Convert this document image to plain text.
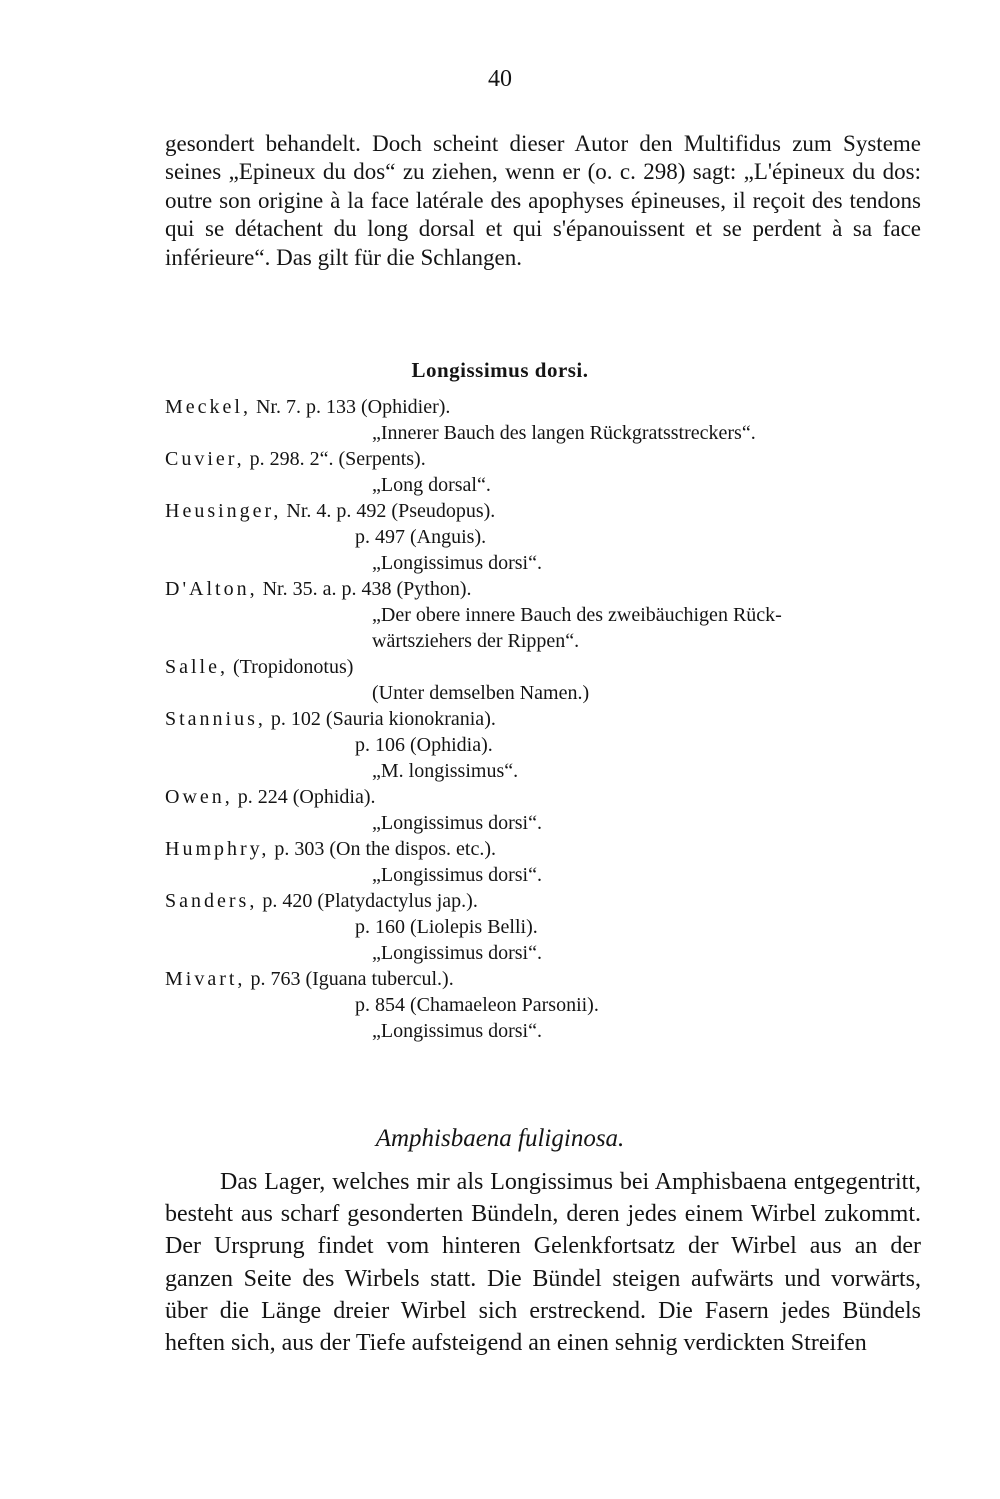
40
gesondert behandelt. Doch scheint dieser Autor den Multifidus zum Systeme seines „Epineux du dos“ zu ziehen, wenn er (o. c. 298) sagt: „L'épineux du dos: outre son origine à la face latérale des apophyses épineuses, il reçoit des tendons qui se détachent du long dorsal et qui s'épanouissent et se perdent à sa face inférieure“. Das gilt für die Schlangen.
Longissimus dorsi.
Meckel, Nr. 7. p. 133 (Ophidier).
„Innerer Bauch des langen Rückgratsstreckers“.
Cuvier, p. 298. 2“. (Serpents).
„Long dorsal“.
Heusinger, Nr. 4. p. 492 (Pseudopus).
p. 497 (Anguis).
„Longissimus dorsi“.
D'Alton, Nr. 35. a. p. 438 (Python).
„Der obere innere Bauch des zweibäuchigen Rück-
wärtsziehers der Rippen“.
Salle, (Tropidonotus)
(Unter demselben Namen.)
Stannius, p. 102 (Sauria kionokrania).
p. 106 (Ophidia).
„M. longissimus“.
Owen, p. 224 (Ophidia).
„Longissimus dorsi“.
Humphry, p. 303 (On the dispos. etc.).
„Longissimus dorsi“.
Sanders, p. 420 (Platydactylus jap.).
p. 160 (Liolepis Belli).
„Longissimus dorsi“.
Mivart, p. 763 (Iguana tubercul.).
p. 854 (Chamaeleon Parsonii).
„Longissimus dorsi“.
Amphisbaena fuliginosa.
Das Lager, welches mir als Longissimus bei Amphisbaena entgegentritt, besteht aus scharf gesonderten Bündeln, deren jedes einem Wirbel zukommt. Der Ursprung findet vom hinteren Gelenkfortsatz der Wirbel aus an der ganzen Seite des Wirbels statt. Die Bündel steigen aufwärts und vorwärts, über die Länge dreier Wirbel sich erstreckend. Die Fasern jedes Bündels heften sich, aus der Tiefe aufsteigend an einen sehnig verdickten Streifen
